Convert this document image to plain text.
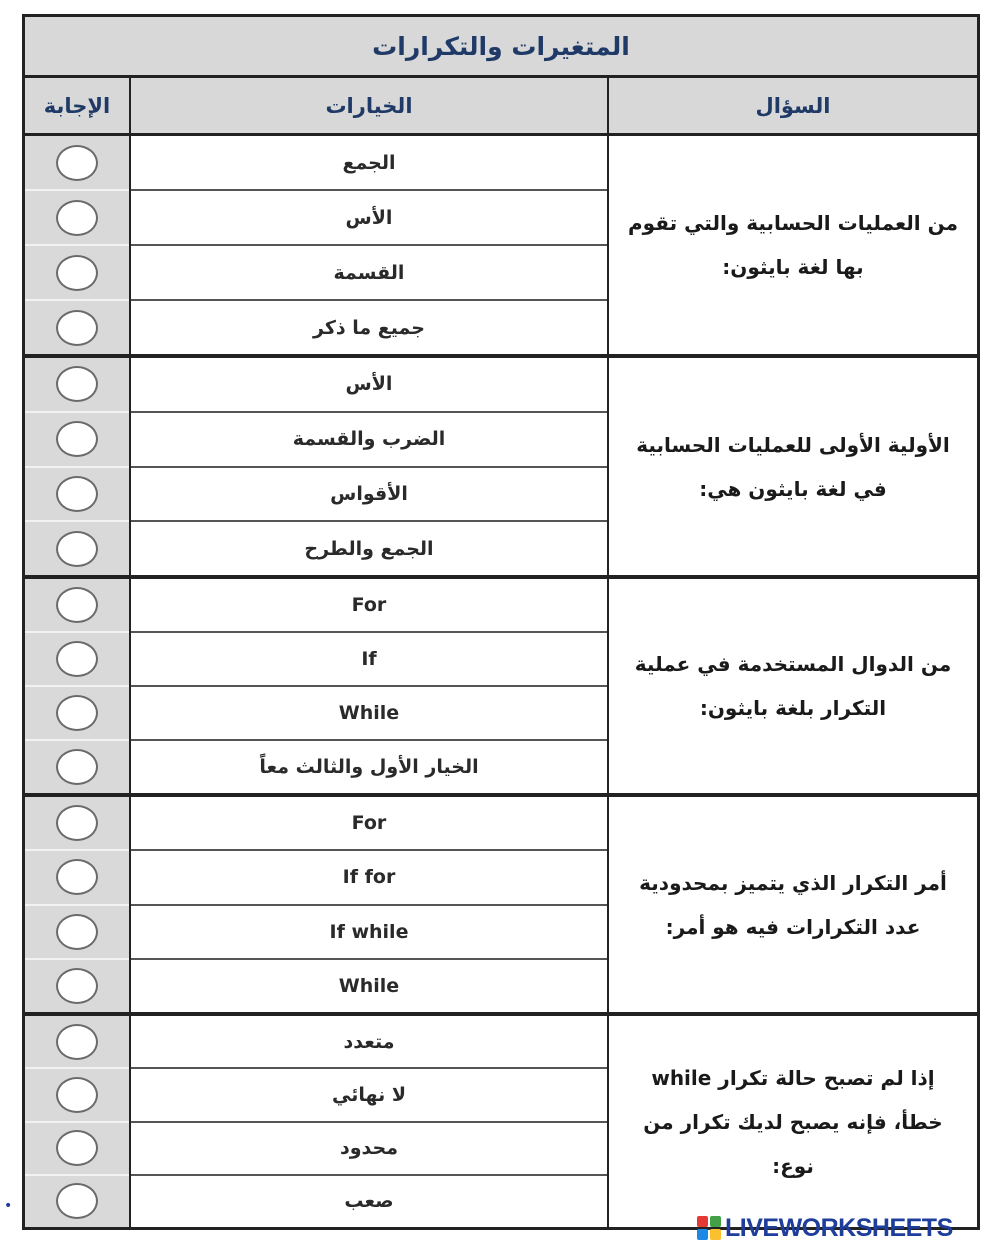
المتغيرات والتكرارات
الإجابة	الخيارات	السؤال
الجمع
الأس
القسمة
جميع ما ذكر
من العمليات الحسابية والتي تقوم بها لغة بايثون:
الأس
الضرب والقسمة
الأقواس
الجمع والطرح
الأولية الأولى للعمليات الحسابية في لغة بايثون هي:
For
If
While
الخيار الأول والثالث معاً
من الدوال المستخدمة في عملية التكرار بلغة بايثون:
For
If for
If while
While
أمر التكرار الذي يتميز بمحدودية عدد التكرارات فيه هو أمر:
متعدد
لا نهائي
محدود
صعب
إذا لم تصبح حالة تكرار while خطأ، فإنه يصبح لديك تكرار من نوع:
•
LIVEWORKSHEETS
